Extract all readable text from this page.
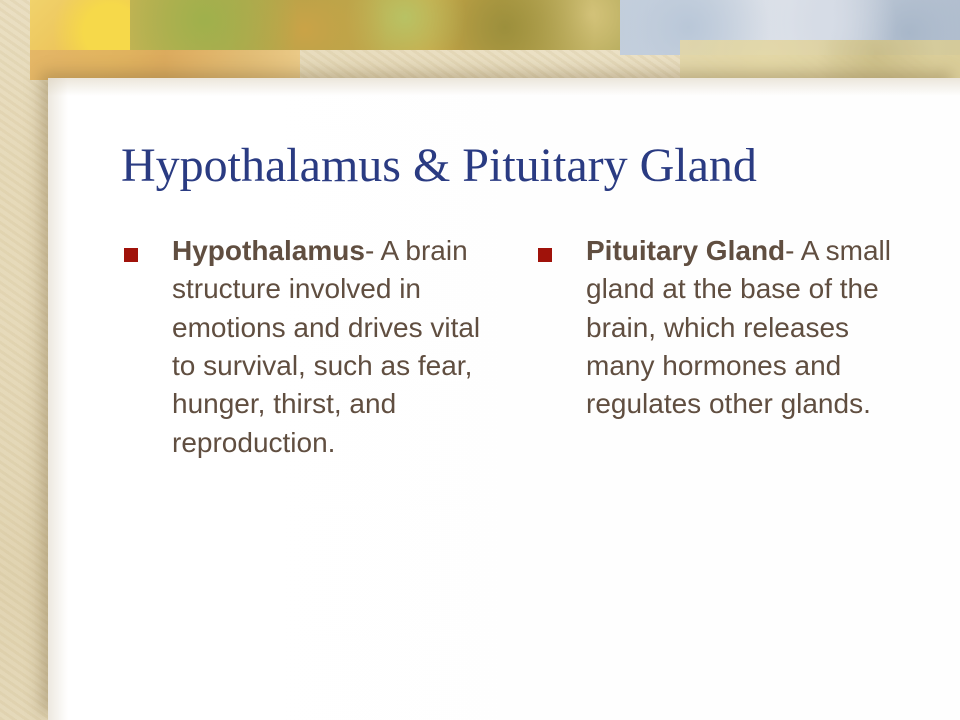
Hypothalamus & Pituitary Gland
Hypothalamus- A brain structure involved in emotions and drives vital to survival, such as fear, hunger, thirst, and reproduction.
Pituitary Gland- A small gland at the base of the brain, which releases many hormones and regulates other glands.
